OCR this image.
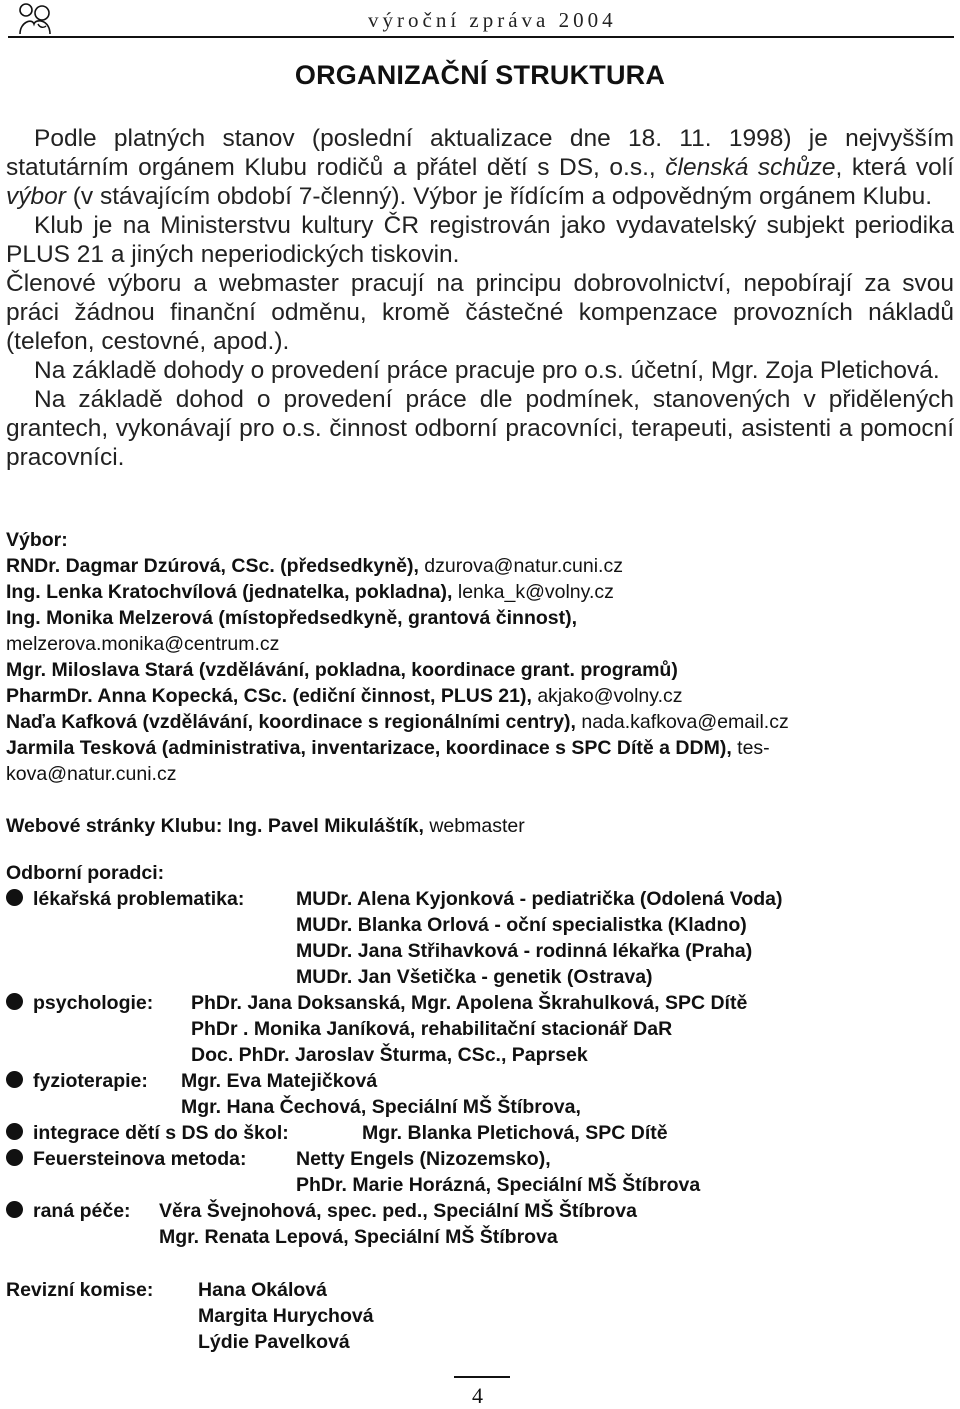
výroční zpráva 2004
ORGANIZAČNÍ STRUKTURA

Podle platných stanov (poslední aktualizace dne 18. 11. 1998) je nejvyšším statutárním orgánem Klubu rodičů a přátel dětí s DS, o.s., členská schůze, která volí výbor (v stávajícím období 7-členný). Výbor je řídícím a odpovědným orgánem Klubu.

Klub je na Ministerstvu kultury ČR registrován jako vydavatelský subjekt periodika PLUS 21 a jiných neperiodických tiskovin.

Členové výboru a webmaster pracují na principu dobrovolnictví, nepobírají za svou práci žádnou finanční odměnu, kromě částečné kompenzace provozních nákladů (telefon, cestovné, apod.).

Na základě dohody o provedení práce pracuje pro o.s. účetní, Mgr. Zoja Pletichová.

Na základě dohod o provedení práce dle podmínek, stanovených v přidělených grantech, vykonávají pro o.s. činnost odborní pracovníci, terapeuti, asistenti a pomocní pracovníci.

Výbor:
RNDr. Dagmar Dzúrová, CSc. (předsedkyně), dzurova@natur.cuni.cz
Ing. Lenka Kratochvílová (jednatelka, pokladna), lenka_k@volny.cz
Ing. Monika Melzerová (místopředsedkyně, grantová činnost),
melzerova.monika@centrum.cz
Mgr. Miloslava Stará (vzdělávání, pokladna, koordinace grant. programů)
PharmDr. Anna Kopecká, CSc. (ediční činnost, PLUS 21), akjako@volny.cz
Naďa Kafková (vzdělávání, koordinace s regionálními centry), nada.kafkova@email.cz
Jarmila Tesková (administrativa, inventarizace, koordinace s SPC Dítě a DDM), tes-
kova@natur.cuni.cz
Webové stránky Klubu: Ing. Pavel Mikuláštík, webmaster
Odborní poradci:
lékařská problematika:	MUDr. Alena Kyjonková - pediatrička (Odolená Voda)
MUDr. Blanka Orlová - oční specialistka (Kladno)
MUDr. Jana Střihavková - rodinná lékařka (Praha)
MUDr. Jan Všetička - genetik (Ostrava)
psychologie: PhDr. Jana Doksanská, Mgr. Apolena Škrahulková, SPC Dítě
PhDr . Monika Janíková, rehabilitační stacionář DaR
Doc. PhDr. Jaroslav Šturma, CSc., Paprsek
fyzioterapie: Mgr. Eva Matejičková
Mgr. Hana Čechová, Speciální MŠ Štíbrova,
integrace dětí s DS do škol:	Mgr. Blanka Pletichová, SPC Dítě
Feuersteinova metoda:	Netty Engels (Nizozemsko),
PhDr. Marie Horázná, Speciální MŠ Štíbrova
raná péče: Věra Švejnohová, spec. ped., Speciální MŠ Štíbrova
Mgr. Renata Lepová, Speciální MŠ Štíbrova
Revizní komise: Hana Okálová
Margita Hurychová
Lýdie Pavelková
4
